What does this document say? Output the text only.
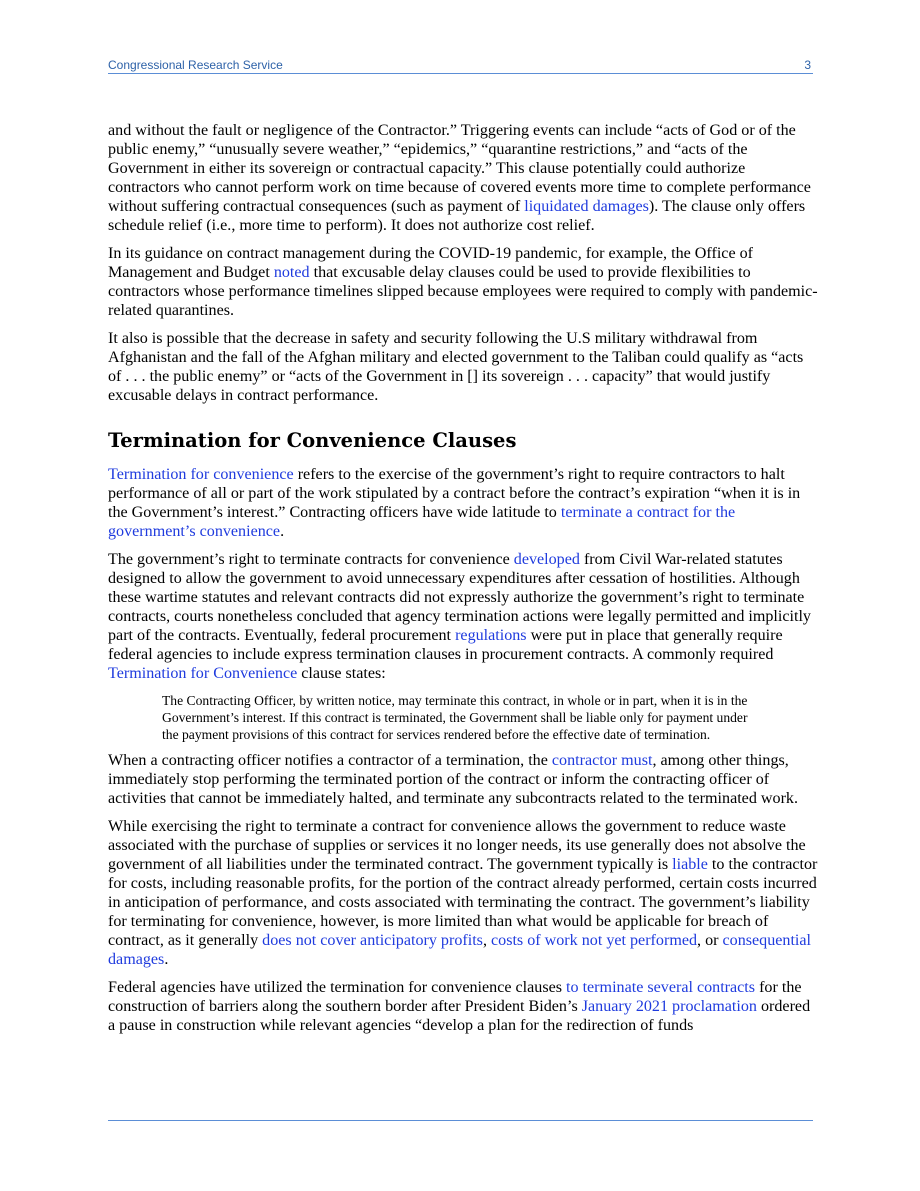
Congressional Research Service	3

and without the fault or negligence of the Contractor.” Triggering events can include “acts of God or of the public enemy,” “unusually severe weather,” “epidemics,” “quarantine restrictions,” and “acts of the Government in either its sovereign or contractual capacity.” This clause potentially could authorize contractors who cannot perform work on time because of covered events more time to complete performance without suffering contractual consequences (such as payment of liquidated damages). The clause only offers schedule relief (i.e., more time to perform). It does not authorize cost relief.

In its guidance on contract management during the COVID-19 pandemic, for example, the Office of Management and Budget noted that excusable delay clauses could be used to provide flexibilities to contractors whose performance timelines slipped because employees were required to comply with pandemic-related quarantines.

It also is possible that the decrease in safety and security following the U.S military withdrawal from Afghanistan and the fall of the Afghan military and elected government to the Taliban could qualify as “acts of . . . the public enemy” or “acts of the Government in [] its sovereign . . . capacity” that would justify excusable delays in contract performance.

Termination for Convenience Clauses

Termination for convenience refers to the exercise of the government’s right to require contractors to halt performance of all or part of the work stipulated by a contract before the contract’s expiration “when it is in the Government’s interest.” Contracting officers have wide latitude to terminate a contract for the government’s convenience.

The government’s right to terminate contracts for convenience developed from Civil War-related statutes designed to allow the government to avoid unnecessary expenditures after cessation of hostilities. Although these wartime statutes and relevant contracts did not expressly authorize the government’s right to terminate contracts, courts nonetheless concluded that agency termination actions were legally permitted and implicitly part of the contracts. Eventually, federal procurement regulations were put in place that generally require federal agencies to include express termination clauses in procurement contracts. A commonly required Termination for Convenience clause states:

The Contracting Officer, by written notice, may terminate this contract, in whole or in part, when it is in the Government’s interest. If this contract is terminated, the Government shall be liable only for payment under the payment provisions of this contract for services rendered before the effective date of termination.

When a contracting officer notifies a contractor of a termination, the contractor must, among other things, immediately stop performing the terminated portion of the contract or inform the contracting officer of activities that cannot be immediately halted, and terminate any subcontracts related to the terminated work.

While exercising the right to terminate a contract for convenience allows the government to reduce waste associated with the purchase of supplies or services it no longer needs, its use generally does not absolve the government of all liabilities under the terminated contract. The government typically is liable to the contractor for costs, including reasonable profits, for the portion of the contract already performed, certain costs incurred in anticipation of performance, and costs associated with terminating the contract. The government’s liability for terminating for convenience, however, is more limited than what would be applicable for breach of contract, as it generally does not cover anticipatory profits, costs of work not yet performed, or consequential damages.

Federal agencies have utilized the termination for convenience clauses to terminate several contracts for the construction of barriers along the southern border after President Biden’s January 2021 proclamation ordered a pause in construction while relevant agencies “develop a plan for the redirection of funds
